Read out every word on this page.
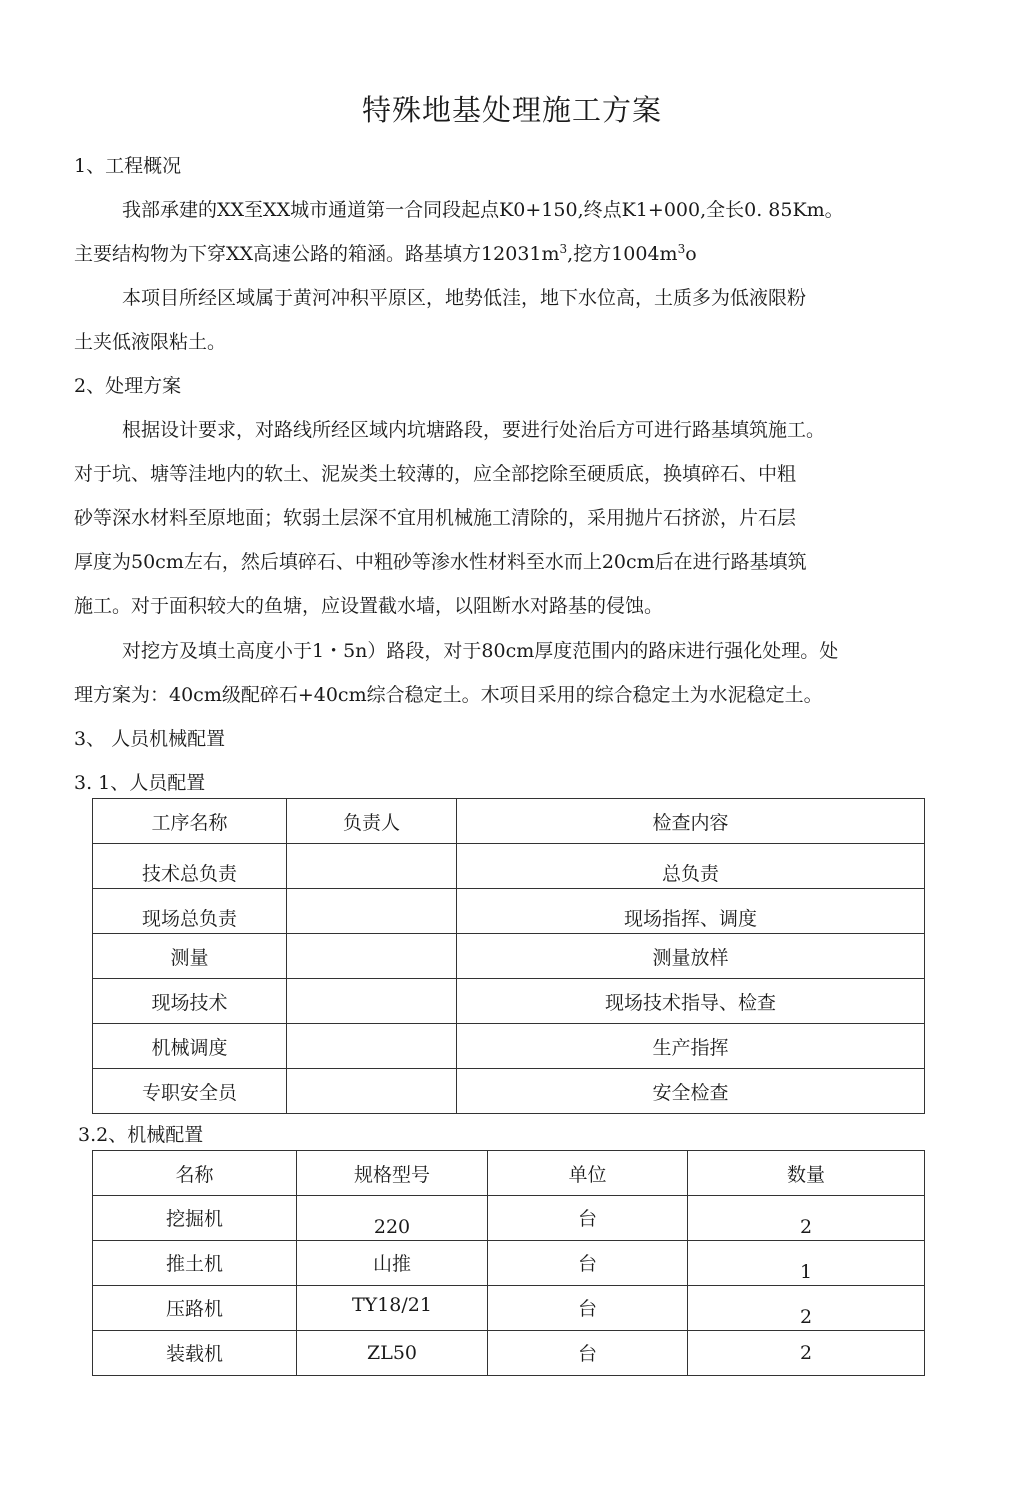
特殊地基处理施工方案
1、工程概况
我部承建的XX至XX城市通道第一合同段起点K0+150,终点K1+000,全长0. 85Km。
主要结构物为下穿XX高速公路的箱涵。路基填方$12031m^3$,挖方$1004m^3o$
本项目所经区域属于黄河冲积平原区，地势低洼，地下水位高，土质多为低液限粉
土夹低液限粘土。
2、处理方案
根据设计要求，对路线所经区域内坑塘路段，要进行处治后方可进行路基填筑施工。
对于坑、塘等洼地内的软土、泥炭类土较薄的，应全部挖除至硬质底，换填碎石、中粗
砂等深水材料至原地面；软弱土层深不宜用机械施工清除的，采用抛片石挤淤，片石层
厚度为50cm左右，然后填碎石、中粗砂等渗水性材料至水而上20cm后在进行路基填筑
施工。对于面积较大的鱼塘，应设置截水墙，以阻断水对路基的侵蚀。
对挖方及填土高度小于1・5n）路段，对于80cm厚度范围内的路床进行强化处理。处
理方案为：40cm级配碎石+40cm综合稳定土。木项目采用的综合稳定土为水泥稳定土。
3、 人员机械配置
3. 1、人员配置
工序名称	负责人	检查内容
技术总负责		总负责
现场总负责		现场指挥、调度
测量		测量放样
现场技术		现场技术指导、检查
机械调度		生产指挥
专职安全员		安全检查
3.2、机械配置
名称	规格型号	单位	数量
挖掘机	220	台	2
推土机	山推	台	1
压路机	TY18/21	台	2
装载机	ZL50	台	2
